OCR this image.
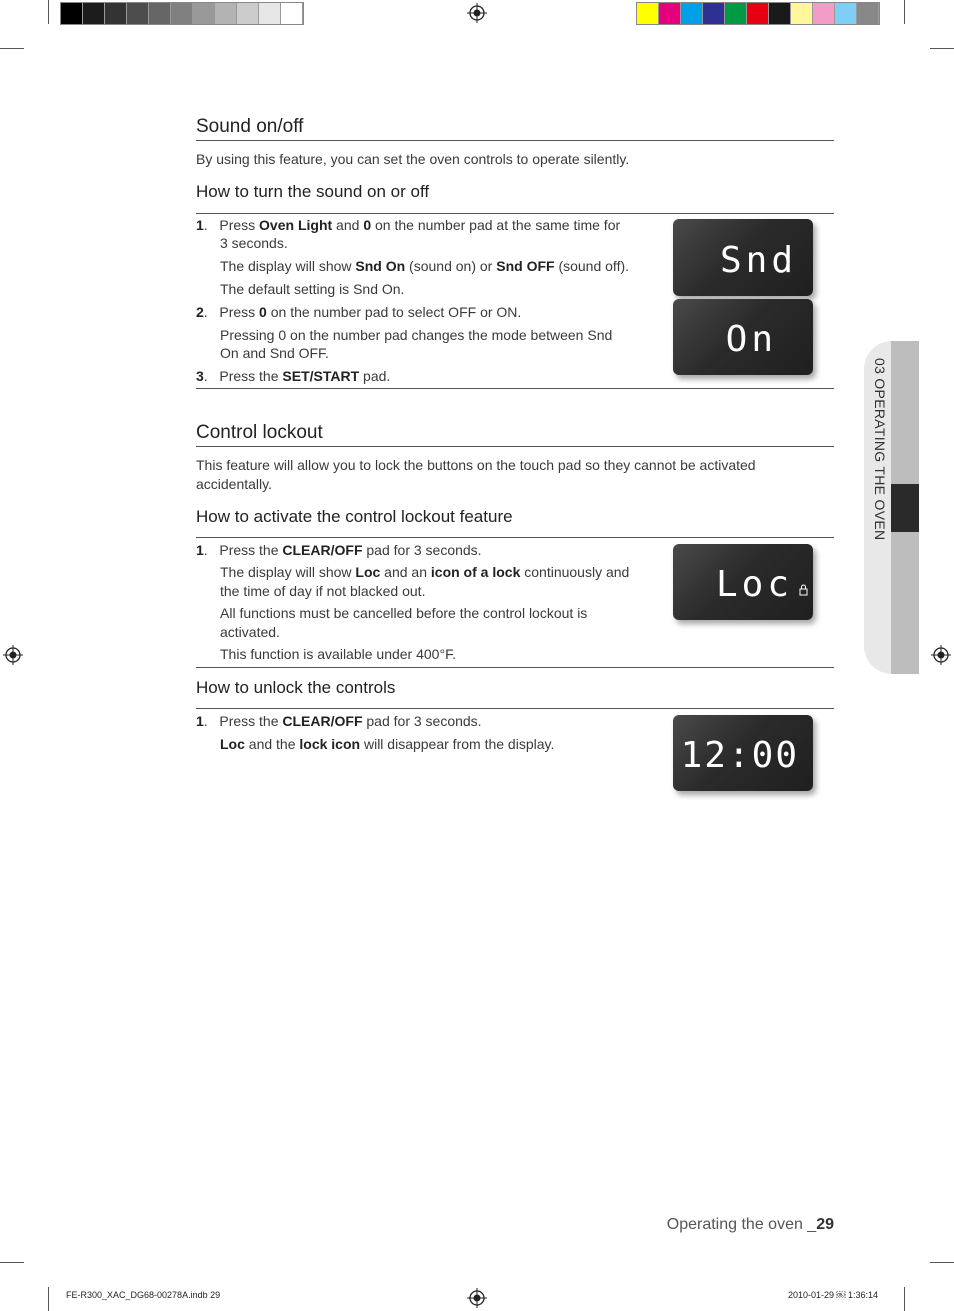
Sound on/off
By using this feature, you can set the oven controls to operate silently.
How to turn the sound on or off
1.   Press Oven Light and 0 on the number pad at the same time for
3 seconds.
The display will show Snd On (sound on) or Snd OFF (sound off).
The default setting is Snd On.
2.   Press 0 on the number pad to select OFF or ON.
Pressing 0 on the number pad changes the mode between Snd
On and Snd OFF.
3.   Press the SET/START pad.
Snd
On
Control lockout
This feature will allow you to lock the buttons on the touch pad so they cannot be activated
accidentally.
How to activate the control lockout feature
1.   Press the CLEAR/OFF pad for 3 seconds.
The display will show Loc and an icon of a lock continuously and
the time of day if not blacked out.
All functions must be cancelled before the control lockout is
activated.
This function is available under 400°F.
Loc
How to unlock the controls
1.   Press the CLEAR/OFF pad for 3 seconds.
Loc and the lock icon will disappear from the display.	12:00
03 OPERATING THE OVEN
Operating the oven _29
FE-R300_XAC_DG68-00278A.indb 29	2010-01-29 ￼ 1:36:14
